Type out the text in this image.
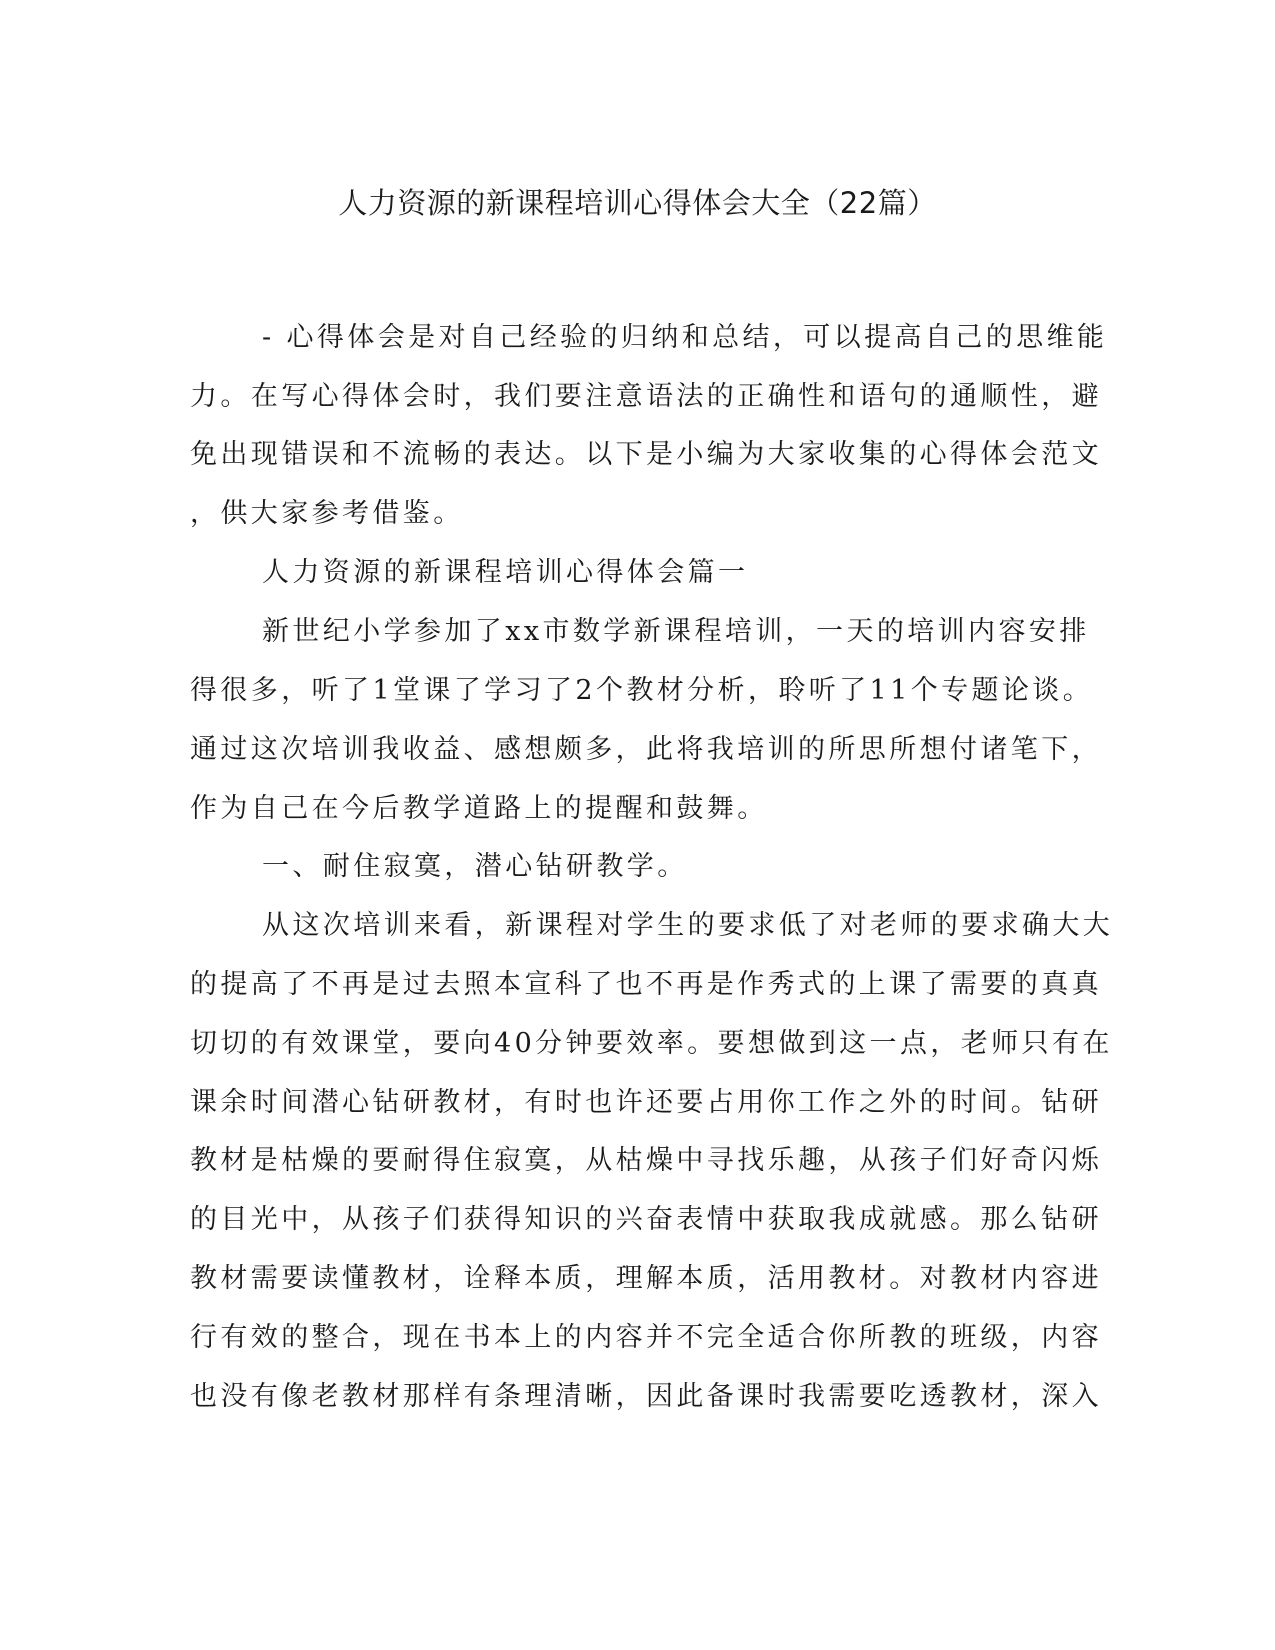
人力资源的新课程培训心得体会大全（22篇）
- 心得体会是对自己经验的归纳和总结，可以提高自己的思维能
力。在写心得体会时，我们要注意语法的正确性和语句的通顺性，避
免出现错误和不流畅的表达。以下是小编为大家收集的心得体会范文
，供大家参考借鉴。
人力资源的新课程培训心得体会篇一
新世纪小学参加了xx市数学新课程培训，一天的培训内容安排
得很多，听了1堂课了学习了2个教材分析，聆听了11个专题论谈。
通过这次培训我收益、感想颇多，此将我培训的所思所想付诸笔下，
作为自己在今后教学道路上的提醒和鼓舞。
一、耐住寂寞，潜心钻研教学。
从这次培训来看，新课程对学生的要求低了对老师的要求确大大
的提高了不再是过去照本宣科了也不再是作秀式的上课了需要的真真
切切的有效课堂，要向40分钟要效率。要想做到这一点，老师只有在
课余时间潜心钻研教材，有时也许还要占用你工作之外的时间。钻研
教材是枯燥的要耐得住寂寞，从枯燥中寻找乐趣，从孩子们好奇闪烁
的目光中，从孩子们获得知识的兴奋表情中获取我成就感。那么钻研
教材需要读懂教材，诠释本质，理解本质，活用教材。对教材内容进
行有效的整合，现在书本上的内容并不完全适合你所教的班级，内容
也没有像老教材那样有条理清晰，因此备课时我需要吃透教材，深入
